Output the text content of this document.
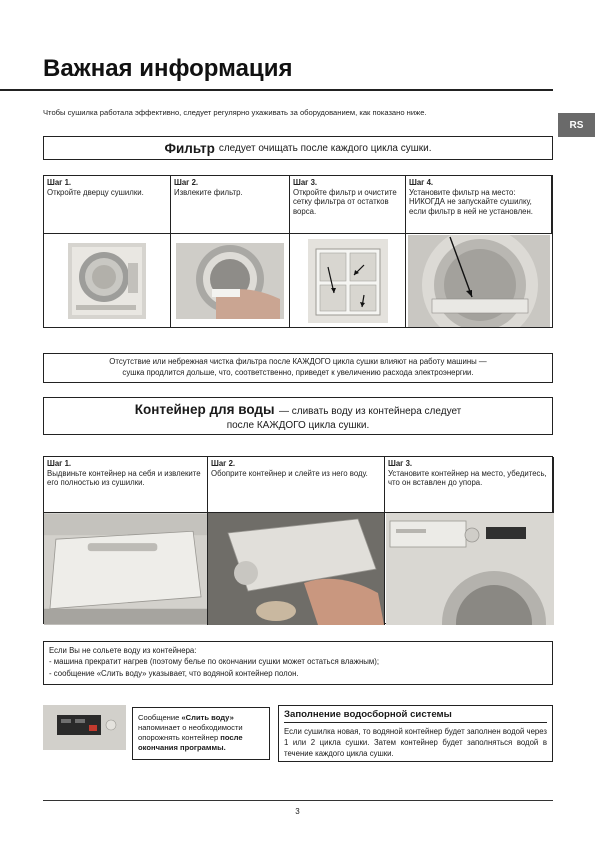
Важная информация
Чтобы сушилка работала эффективно, следует регулярно ухаживать за оборудованием, как показано ниже.
RS
Фильтр следует очищать после каждого цикла сушки.
Шаг 1.
Откройте дверцу сушилки.
Шаг 2.
Извлеките фильтр.
Шаг 3.
Откройте фильтр и очистите сетку фильтра от остатков ворса.
Шаг 4.
Установите фильтр на место: НИКОГДА не запускайте сушилку, если фильтр в ней не установлен.
Отсутствие или небрежная чистка фильтра после КАЖДОГО цикла сушки влияют на работу машины —
сушка продлится дольше, что, соответственно, приведет к увеличению расхода электроэнергии.
Контейнер для воды — сливать воду из контейнера следует
после КАЖДОГО цикла сушки.
Шаг 1.
Выдвиньте контейнер на себя и извлеките его полностью из сушилки.
Шаг 2.
Обоприте контейнер и слейте из него воду.
Шаг 3.
Установите контейнер на место, убедитесь, что он вставлен до упора.
Если Вы не сольете воду из контейнера:
- машина прекратит нагрев (поэтому белье по окончании сушки может остаться влажным);
- сообщение «Слить воду» указывает, что водяной контейнер полон.
Сообщение «Слить воду» напоминает о необходимости опорожнять контейнер после окончания программы.
Заполнение водосборной системы
Если сушилка новая, то водяной контейнер будет заполнен водой через 1 или 2 цикла сушки. Затем контейнер будет заполняться водой в течение каждого цикла сушки.
3
